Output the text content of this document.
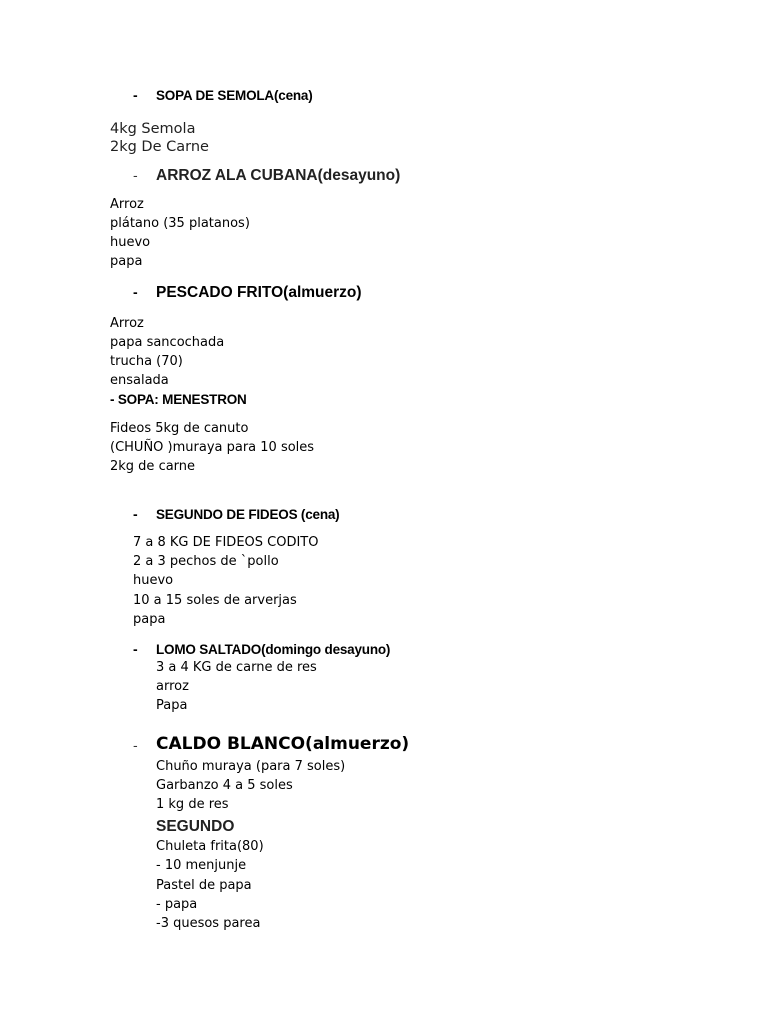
- SOPA DE SEMOLA(cena)
4kg Semola
2kg De Carne
- ARROZ ALA CUBANA(desayuno)
Arroz
plátano (35 platanos)
huevo
papa
- PESCADO FRITO(almuerzo)
Arroz
papa sancochada
trucha (70)
ensalada
- SOPA: MENESTRON
Fideos 5kg de canuto
(CHUÑO )muraya para 10 soles
2kg de carne
- SEGUNDO DE FIDEOS (cena)
7 a 8 KG DE FIDEOS CODITO
2 a 3 pechos de `pollo
huevo
10 a 15 soles de arverjas
papa
- LOMO SALTADO(domingo desayuno)
3 a 4 KG de carne de res
arroz
Papa
- CALDO BLANCO(almuerzo)
Chuño muraya (para 7 soles)
Garbanzo 4 a 5 soles
1 kg de res
SEGUNDO
Chuleta frita(80)
- 10 menjunje
Pastel de papa
- papa
-3 quesos parea
